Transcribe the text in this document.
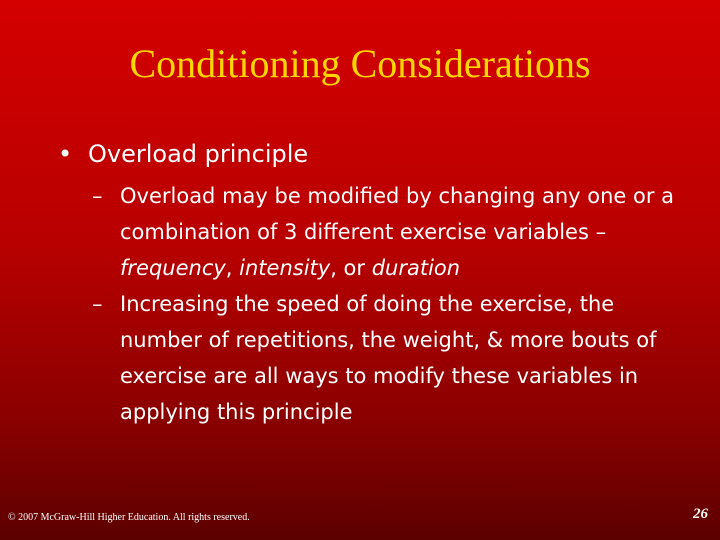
Conditioning Considerations
• Overload principle
– Overload may be modified by changing any one or a combination of 3 different exercise variables – frequency, intensity, or duration
– Increasing the speed of doing the exercise, the number of repetitions, the weight, & more bouts of exercise are all ways to modify these variables in applying this principle
© 2007 McGraw-Hill Higher Education. All rights reserved.	26
